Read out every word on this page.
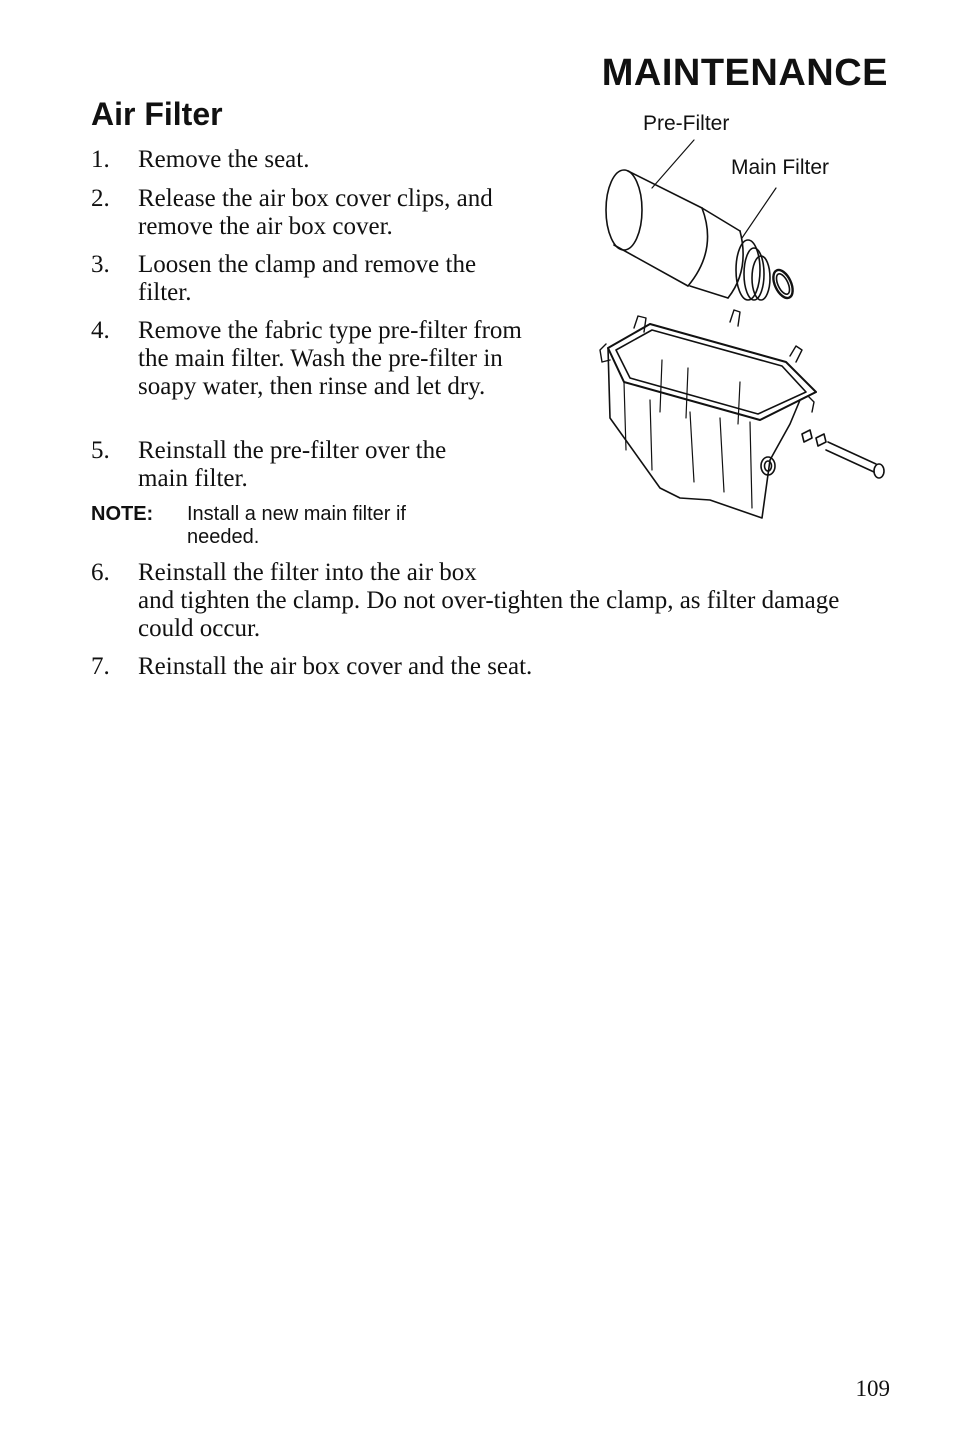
MAINTENANCE
Air Filter
1.	Remove the seat.
2.	Release the air box cover clips, and remove the air box cover.
3.	Loosen the clamp and remove the filter.
4.	Remove the fabric type pre-filter from the main filter. Wash the pre-filter in soapy water, then rinse and let dry.
5.	Reinstall the pre-filter over the main filter.
NOTE:	Install a new main filter if needed.
6.	Reinstall the filter into the air box
and tighten the clamp. Do not over-tighten the clamp, as filter damage could occur.
7.	Reinstall the air box cover and the seat.
Pre-Filter
Main Filter
109
